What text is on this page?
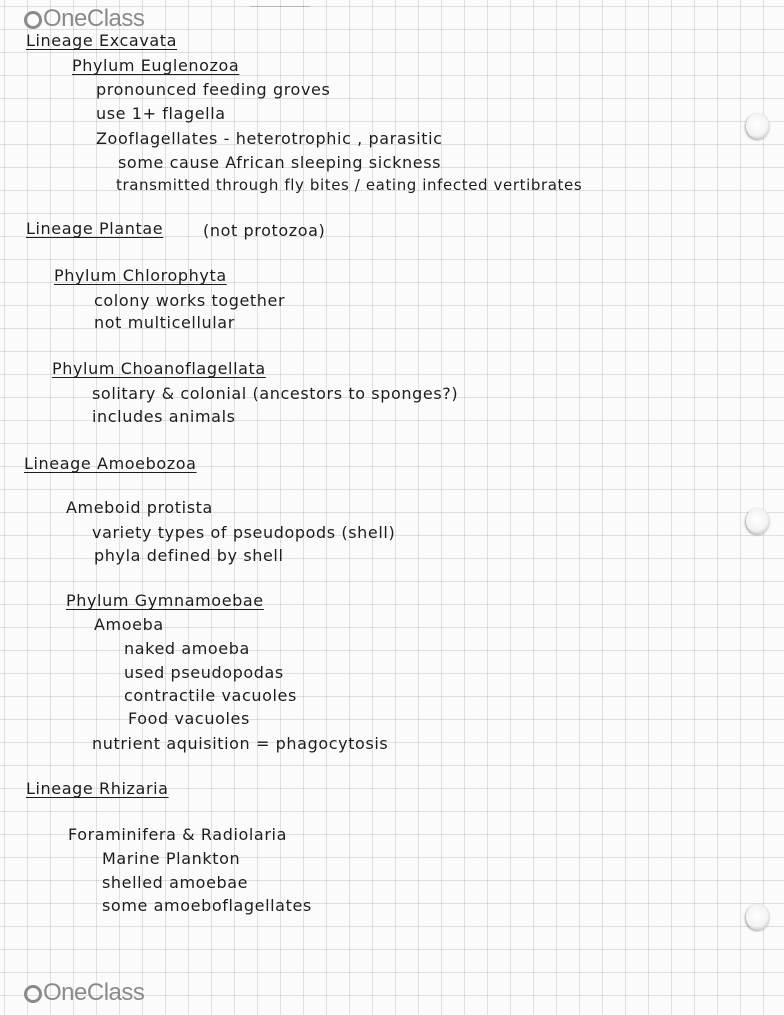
OneClass
Lineage Excavata
Phylum Euglenozoa
pronounced feeding groves
use 1+ flagella
Zooflagellates - heterotrophic , parasitic
some cause African sleeping sickness
transmitted through fly bites / eating infected vertibrates
Lineage Plantae (not protozoa)
Phylum Chlorophyta
colony works together
not multicellular
Phylum Choanoflagellata
solitary & colonial (ancestors to sponges?)
includes animals
Lineage Amoebozoa
Ameboid protista
variety types of pseudopods (shell)
phyla defined by shell
Phylum Gymnamoebae
Amoeba
naked amoeba
used pseudopodas
contractile vacuoles
Food vacuoles
nutrient aquisition = phagocytosis
Lineage Rhizaria
Foraminifera & Radiolaria
Marine Plankton
shelled amoebae
some amoeboflagellates
OneClass
